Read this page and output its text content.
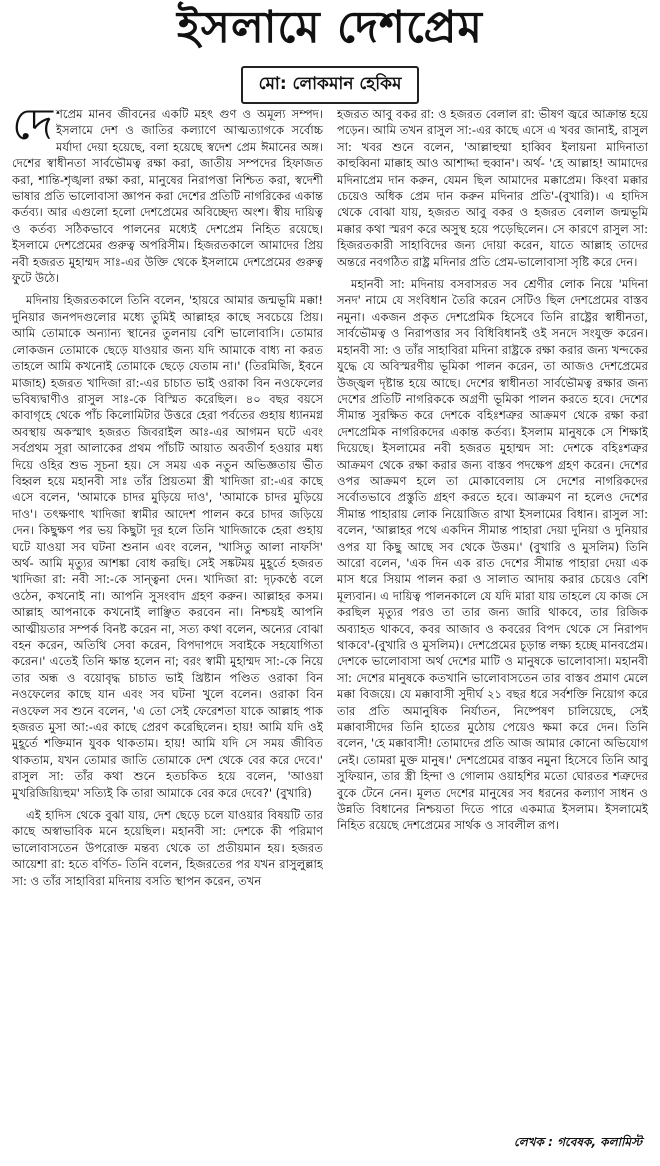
ইসলামে দেশপ্রেম
মো: লোকমান হেকিম

দেশপ্রেম মানব জীবনের একটি মহৎ গুণ ও অমূল্য সম্পদ। ইসলামে দেশ ও জাতির কল্যাণে আত্মত্যাগকে সর্বোচ্চ মর্যাদা দেয়া হয়েছে, বলা হয়েছে স্বদেশ প্রেম ঈমানের অঙ্গ। দেশের স্বাধীনতা সার্বভৌমত্ব রক্ষা করা, জাতীয় সম্পদের হিফাজত করা, শান্তি-শৃঙ্খলা রক্ষা করা, মানুষের নিরাপত্তা নিশ্চিত করা, স্বদেশী ভাষার প্রতি ভালোবাসা জ্ঞাপন করা দেশের প্রতিটি নাগরিকের একান্ত কর্তব্য। আর এগুলো হলো দেশপ্রেমের অবিচ্ছেদ্য অংশ। স্বীয় দায়িত্ব ও কর্তব্য সঠিকভাবে পালনের মধ্যেই দেশপ্রেম নিহিত রয়েছে। ইসলামে দেশপ্রেমের গুরুত্ব অপরিসীম। হিজরতকালে আমাদের প্রিয় নবী হজরত মুহাম্মদ সাঃ-এর উক্তি থেকে ইসলামে দেশপ্রেমের গুরুত্ব ফুটে উঠে।

মদিনায় হিজরতকালে তিনি বলেন, 'হায়রে আমার জন্মভূমি মক্কা! দুনিয়ার জনপদগুলোর মধ্যে তুমিই আল্লাহর কাছে সবচেয়ে প্রিয়। আমি তোমাকে অন্যান্য স্থানের তুলনায় বেশি ভালোবাসি। তোমার লোকজন তোমাকে ছেড়ে যাওয়ার জন্য যদি আমাকে বাধ্য না করত তাহলে আমি কখনোই তোমাকে ছেড়ে যেতাম না।' (তিরমিজি, ইবনে মাজাহ) হজরত খাদিজা রা:-এর চাচাত ভাই ওরাকা বিন নওফেলের ভবিষ্যদ্বাণীও রাসুল সাঃ-কে বিস্মিত করেছিল। ৪০ বছর বয়সে কাবাগৃহে থেকে পাঁচ কিলোমিটার উত্তরে হেরা পর্বতের গুহায় ধ্যানমগ্ন অবস্থায় অকস্মাৎ হজরত জিবরাইল আঃ-এর আগমন ঘটে এবং সর্বপ্রথম সূরা আলাকের প্রথম পাঁচটি আয়াত অবতীর্ণ হওয়ার মধ্য দিয়ে ওহির শুভ সূচনা হয়। সে সময় এক নতুন অভিজ্ঞতায় ভীত বিহ্বল হয়ে মহানবী সাঃ তাঁর প্রিয়তমা স্ত্রী খাদিজা রা:-এর কাছে এসে বলেন, 'আমাকে চাদর মুড়িয়ে দাও', 'আমাকে চাদর মুড়িয়ে দাও'। তৎক্ষণাৎ খাদিজা স্বামীর আদেশ পালন করে চাদর জড়িয়ে দেন। কিছুক্ষণ পর ভয় কিছুটা দূর হলে তিনি খাদিজাকে হেরা গুহায় ঘটে যাওয়া সব ঘটনা শুনান এবং বলেন, 'খাসিতু আলা নাফসি' অর্থ- আমি মৃত্যুর আশঙ্কা বোধ করছি। সেই সঙ্কটময় মুহূর্তে হজরত খাদিজা রা: নবী সা:-কে সান্ত্বনা দেন। খাদিজা রা: দৃঢ়কণ্ঠে বলে ওঠেন, কখনোই না। আপনি সুসংবাদ গ্রহণ করুন। আল্লাহর কসম। আল্লাহ আপনাকে কখনোই লাঞ্ছিত করবেন না। নিশ্চয়ই আপনি আত্মীয়তার সম্পর্ক বিনষ্ট করেন না, সত্য কথা বলেন, অন্যের বোঝা বহন করেন, অতিথি সেবা করেন, বিপদাপদে সবাইকে সহযোগিতা করেন।' এতেই তিনি ক্ষান্ত হলেন না; বরং স্বামী মুহাম্মদ সা:-কে নিয়ে তার অন্ধ ও বয়োবৃদ্ধ চাচাত ভাই খ্রিষ্টান পণ্ডিত ওরাকা বিন নওফেলের কাছে যান এবং সব ঘটনা খুলে বলেন। ওরাকা বিন নওফেল সব শুনে বলেন, 'এ তো সেই ফেরেশতা যাকে আল্লাহ পাক হজরত মুসা আ:-এর কাছে প্রেরণ করেছিলেন। হায়! আমি যদি ওই মুহূর্তে শক্তিমান যুবক থাকতাম। হায়! আমি যদি সে সময় জীবিত থাকতাম, যখন তোমার জাতি তোমাকে দেশ থেকে বের করে দেবে।' রাসুল সা: তাঁর কথা শুনে হতচকিত হয়ে বলেন, 'আওয়া মুখরিজিয়্যিহুম' সত্যিই কি তারা আমাকে বের করে দেবে?' (বুখারি)

এই হাদিস থেকে বুঝা যায়, দেশ ছেড়ে চলে যাওয়ার বিষয়টি তার কাছে অস্বাভাবিক মনে হয়েছিল। মহানবী সা: দেশকে কী পরিমাণ ভালোবাসতেন উপরোক্ত মন্তব্য থেকে তা প্রতীয়মান হয়। হজরত আয়েশা রা: হতে বর্ণিত- তিনি বলেন, হিজরতের পর যখন রাসুলুল্লাহ সা: ও তাঁর সাহাবিরা মদিনায় বসতি স্থাপন করেন, তখন

হজরত আবু বকর রা: ও হজরত বেলাল রা: ভীষণ জ্বরে আক্রান্ত হয়ে পড়েন। আমি তখন রাসুল সা:-এর কাছে এসে এ খবর জানাই, রাসুল সা: খবর শুনে বলেন, 'আল্লাহুম্মা হাব্বিব ইলায়না মাদিনাতা কাহুব্বিনা মাক্কাহ আও আশাদ্দা হুব্বান'। অর্থ- 'হে আল্লাহ! আমাদের মদিনাপ্রেম দান করুন, যেমন ছিল আমাদের মক্কাপ্রেম। কিংবা মক্কার চেয়েও অধিক প্রেম দান করুন মদিনার প্রতি'-(বুখারি)। এ হাদিস থেকে বোঝা যায়, হজরত আবু বকর ও হজরত বেলাল জন্মভূমি মক্কার কথা স্মরণ করে অসুস্থ হয়ে পড়েছিলেন। সে কারণে রাসুল সা: হিজরতকারী সাহাবিদের জন্য দোয়া করেন, যাতে আল্লাহ তাদের অন্তরে নবগঠিত রাষ্ট্র মদিনার প্রতি প্রেম-ভালোবাসা সৃষ্টি করে দেন।

মহানবী সা: মদিনায় বসবাসরত সব শ্রেণীর লোক নিয়ে 'মদিনা সনদ' নামে যে সংবিধান তৈরি করেন সেটিও ছিল দেশপ্রেমের বাস্তব নমুনা। একজন প্রকৃত দেশপ্রেমিক হিসেবে তিনি রাষ্ট্রের স্বাধীনতা, সার্বভৌমত্ব ও নিরাপত্তার সব বিধিবিধানই ওই সনদে সংযুক্ত করেন। মহানবী সা: ও তাঁর সাহাবিরা মদিনা রাষ্ট্রকে রক্ষা করার জন্য খন্দকের যুদ্ধে যে অবিস্মরণীয় ভূমিকা পালন করেন, তা আজও দেশপ্রেমের উজ্জ্বল দৃষ্টান্ত হয়ে আছে। দেশের স্বাধীনতা সার্বভৌমত্ব রক্ষার জন্য দেশের প্রতিটি নাগরিককে অগ্রণী ভূমিকা পালন করতে হবে। দেশের সীমান্ত সুরক্ষিত করে দেশকে বহিঃশত্রুর আক্রমণ থেকে রক্ষা করা দেশপ্রেমিক নাগরিকদের একান্ত কর্তব্য। ইসলাম মানুষকে সে শিক্ষাই দিয়েছে। ইসলামের নবী হজরত মুহাম্মদ সা: দেশকে বহিঃশত্রুর আক্রমণ থেকে রক্ষা করার জন্য বাস্তব পদক্ষেপ গ্রহণ করেন। দেশের ওপর আক্রমণ হলে তা মোকাবেলায় সে দেশের নাগরিকদের সর্বোতভাবে প্রস্তুতি গ্রহণ করতে হবে। আক্রমণ না হলেও দেশের সীমান্ত পাহারায় লোক নিয়োজিত রাখা ইসলামের বিধান। রাসুল সা: বলেন, 'আল্লাহর পথে একদিন সীমান্ত পাহারা দেয়া দুনিয়া ও দুনিয়ার ওপর যা কিছু আছে সব থেকে উত্তম।' (বুখারি ও মুসলিম) তিনি আরো বলেন, 'এক দিন এক রাত দেশের সীমান্ত পাহারা দেয়া এক মাস ধরে সিয়াম পালন করা ও সালাত আদায় করার চেয়েও বেশি মূল্যবান। এ দায়িত্ব পালনকালে যে যদি মারা যায় তাহলে যে কাজ সে করছিল মৃত্যুর পরও তা তার জন্য জারি থাকবে, তার রিজিক অব্যাহত থাকবে, কবর আজাব ও কবরের বিপদ থেকে সে নিরাপদ থাকবে'-(বুখারি ও মুসলিম)। দেশপ্রেমের চূড়ান্ত লক্ষ্য হচ্ছে মানবপ্রেম। দেশকে ভালোবাসা অর্থ দেশের মাটি ও মানুষকে ভালোবাসা। মহানবী সা: দেশের মানুষকে কতখানি ভালোবাসতেন তার বাস্তব প্রমাণ মেলে মক্কা বিজয়ে। যে মক্কাবাসী সুদীর্ঘ ২১ বছর ধরে সর্বশক্তি নিয়োগ করে তার প্রতি অমানুষিক নির্যাতন, নিষ্পেষণ চালিয়েছে, সেই মক্কাবাসীদের তিনি হাতের মুঠোয় পেয়েও ক্ষমা করে দেন। তিনি বলেন, 'হে মক্কাবাসী! তোমাদের প্রতি আজ আমার কোনো অভিযোগ নেই। তোমরা মুক্ত মানুষ।' দেশপ্রেমের বাস্তব নমুনা হিসেবে তিনি আবু সুফিয়ান, তার স্ত্রী হিন্দা ও গোলাম ওয়াহশির মতো ঘোরতর শত্রুদের বুকে টেনে নেন। মূলত দেশের মানুষের সব ধরনের কল্যাণ সাধন ও উন্নতি বিধানের নিশ্চয়তা দিতে পারে একমাত্র ইসলাম। ইসলামেই নিহিত রয়েছে দেশপ্রেমের সার্থক ও সাবলীল রূপ।

লেখক : গবেষক, কলামিস্ট
